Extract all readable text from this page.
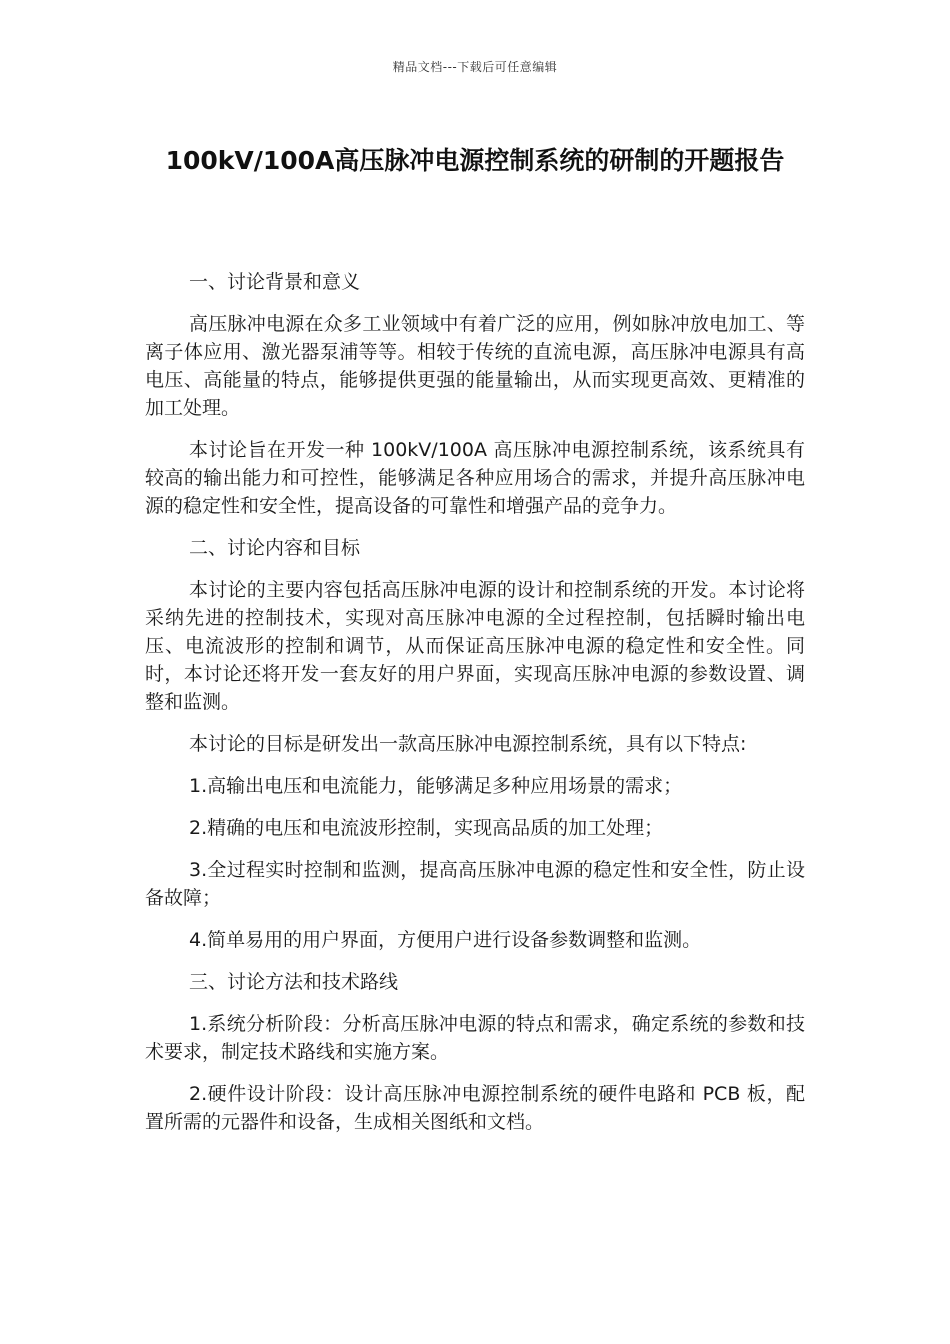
精品文档---下载后可任意编辑
100kV/100A高压脉冲电源控制系统的研制的开题报告

一、讨论背景和意义

高压脉冲电源在众多工业领域中有着广泛的应用，例如脉冲放电加工、等离子体应用、激光器泵浦等等。相较于传统的直流电源，高压脉冲电源具有高电压、高能量的特点，能够提供更强的能量输出，从而实现更高效、更精准的加工处理。

本讨论旨在开发一种 100kV/100A 高压脉冲电源控制系统，该系统具有较高的输出能力和可控性，能够满足各种应用场合的需求，并提升高压脉冲电源的稳定性和安全性，提高设备的可靠性和增强产品的竞争力。

二、讨论内容和目标

本讨论的主要内容包括高压脉冲电源的设计和控制系统的开发。本讨论将采纳先进的控制技术，实现对高压脉冲电源的全过程控制，包括瞬时输出电压、电流波形的控制和调节，从而保证高压脉冲电源的稳定性和安全性。同时，本讨论还将开发一套友好的用户界面，实现高压脉冲电源的参数设置、调整和监测。

本讨论的目标是研发出一款高压脉冲电源控制系统，具有以下特点:

1.高输出电压和电流能力，能够满足多种应用场景的需求；

2.精确的电压和电流波形控制，实现高品质的加工处理；

3.全过程实时控制和监测，提高高压脉冲电源的稳定性和安全性，防止设备故障；

4.简单易用的用户界面，方便用户进行设备参数调整和监测。

三、讨论方法和技术路线

1.系统分析阶段：分析高压脉冲电源的特点和需求，确定系统的参数和技术要求，制定技术路线和实施方案。

2.硬件设计阶段：设计高压脉冲电源控制系统的硬件电路和 PCB 板，配置所需的元器件和设备，生成相关图纸和文档。
